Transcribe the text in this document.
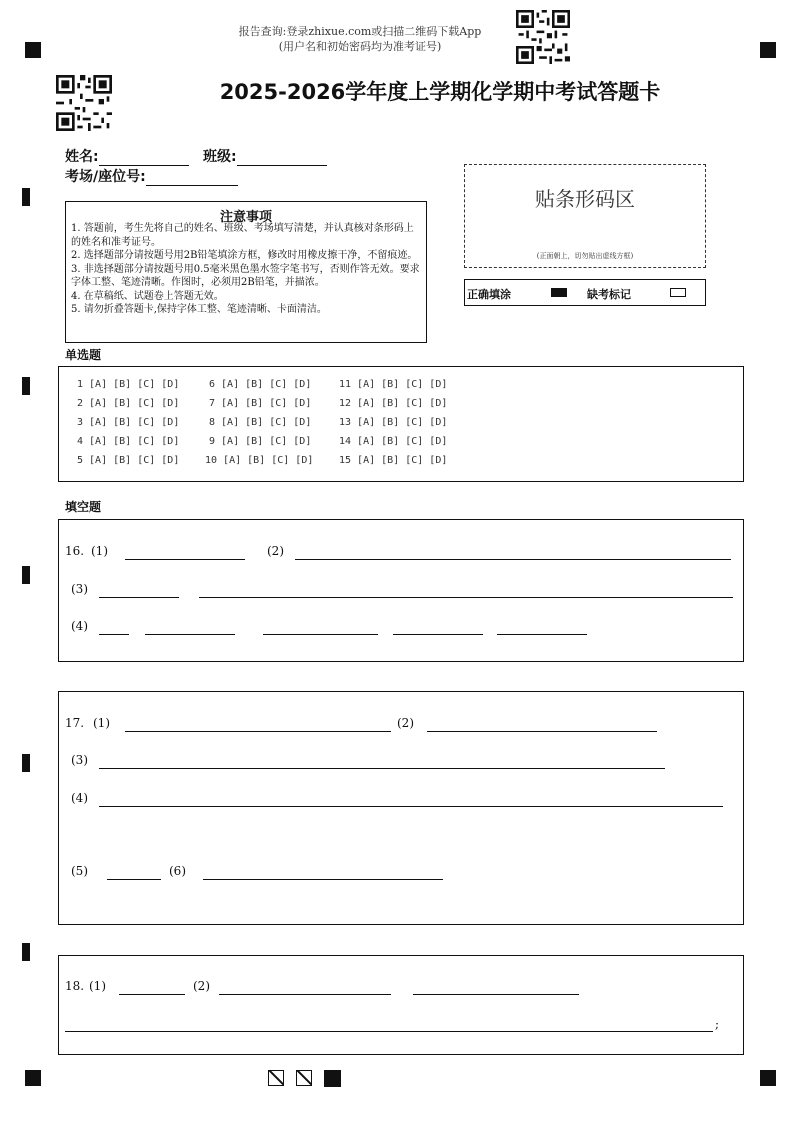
报告查询:登录zhixue.com或扫描二维码下载App
(用户名和初始密码均为准考证号)
2025-2026学年度上学期化学期中考试答题卡
姓名:	班级:
考场/座位号:
注意事项
1. 答题前，考生先将自己的姓名、班级、考场填写清楚，并认真核对条形码上的姓名和准考证号。
2. 选择题部分请按题号用2B铅笔填涂方框，修改时用橡皮擦干净，不留痕迹。
3. 非选择题部分请按题号用0.5毫米黑色墨水签字笔书写，否则作答无效。要求字体工整、笔迹清晰。作图时，必须用2B铅笔，并描浓。
4. 在草稿纸、试题卷上答题无效。
5. 请勿折叠答题卡,保持字体工整、笔迹清晰、卡面清洁。
贴条形码区
(正面朝上，切勿贴出虚线方框)
正确填涂	缺考标记
单选题
1 [A] [B] [C] [D]	6 [A] [B] [C] [D]	11 [A] [B] [C] [D]
2 [A] [B] [C] [D]	7 [A] [B] [C] [D]	12 [A] [B] [C] [D]
3 [A] [B] [C] [D]	8 [A] [B] [C] [D]	13 [A] [B] [C] [D]
4 [A] [B] [C] [D]	9 [A] [B] [C] [D]	14 [A] [B] [C] [D]
5 [A] [B] [C] [D]	10 [A] [B] [C] [D]	15 [A] [B] [C] [D]
填空题
16. (1)	(2)
(3)
(4)
17. (1)	(2)
(3)
(4)
(5)	(6)
18. (1)	(2)
;
